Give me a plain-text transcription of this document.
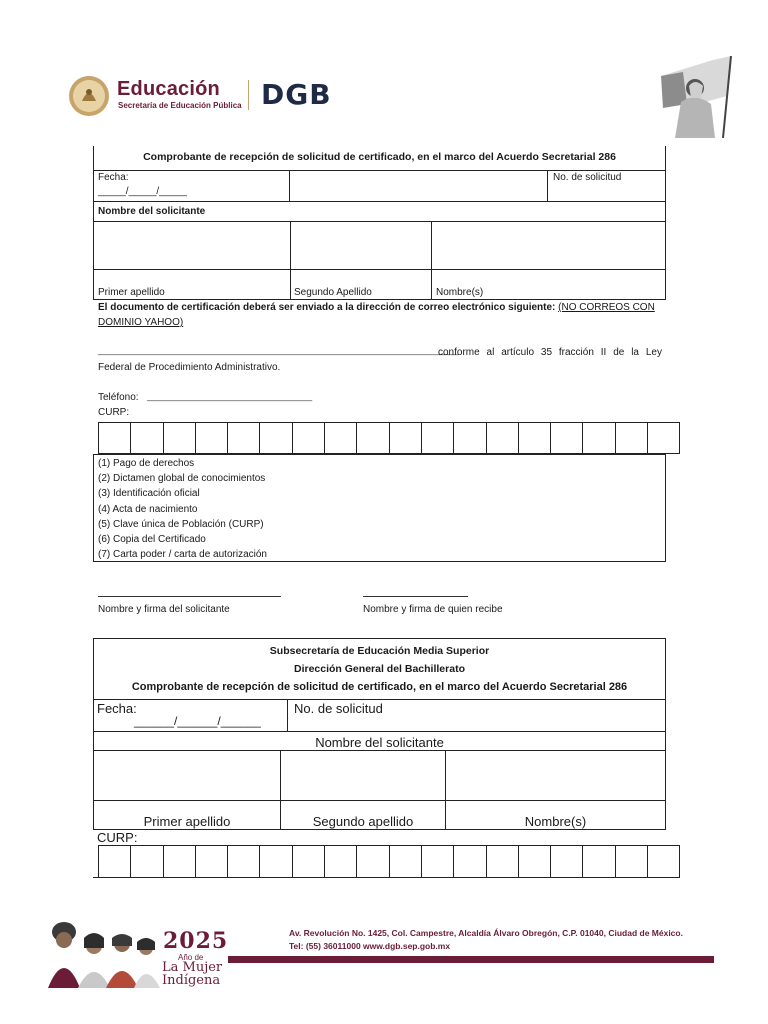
Educación
Secretaría de Educación Pública DGB
Comprobante de recepción de solicitud de certificado, en el marco del Acuerdo Secretarial 286
Fecha:
_____/_____/_____
No. de solicitud
Nombre del solicitante

Primer apellido	Segundo Apellido	Nombre(s)
El documento de certificación deberá ser enviado a la dirección de correo electrónico siguiente: (NO CORREOS CON DOMINIO YAHOO)
________________________________________________________________________
conforme al artículo 35 fracción II de la Ley Federal de Procedimiento Administrativo.
Teléfono: _________________________________
CURP:

(1) Pago de derechos
(2) Dictamen global de conocimientos
(3) Identificación oficial
(4) Acta de nacimiento
(5) Clave única de Población (CURP)
(6) Copia del Certificado
(7) Carta poder / carta de autorización
Nombre y firma del solicitante	Nombre y firma de quien recibe
Subsecretaría de Educación Media Superior
Dirección General del Bachillerato
Comprobante de recepción de solicitud de certificado, en el marco del Acuerdo Secretarial 286
Fecha:
______/______/______
No. de solicitud
Nombre del solicitante

Primer apellido	Segundo apellido	Nombre(s)
CURP:

2025
Año de
La Mujer
Indígena
Av. Revolución No. 1425, Col. Campestre, Alcaldía Álvaro Obregón, C.P. 01040, Ciudad de México.
Tel: (55) 36011000 www.dgb.sep.gob.mx
